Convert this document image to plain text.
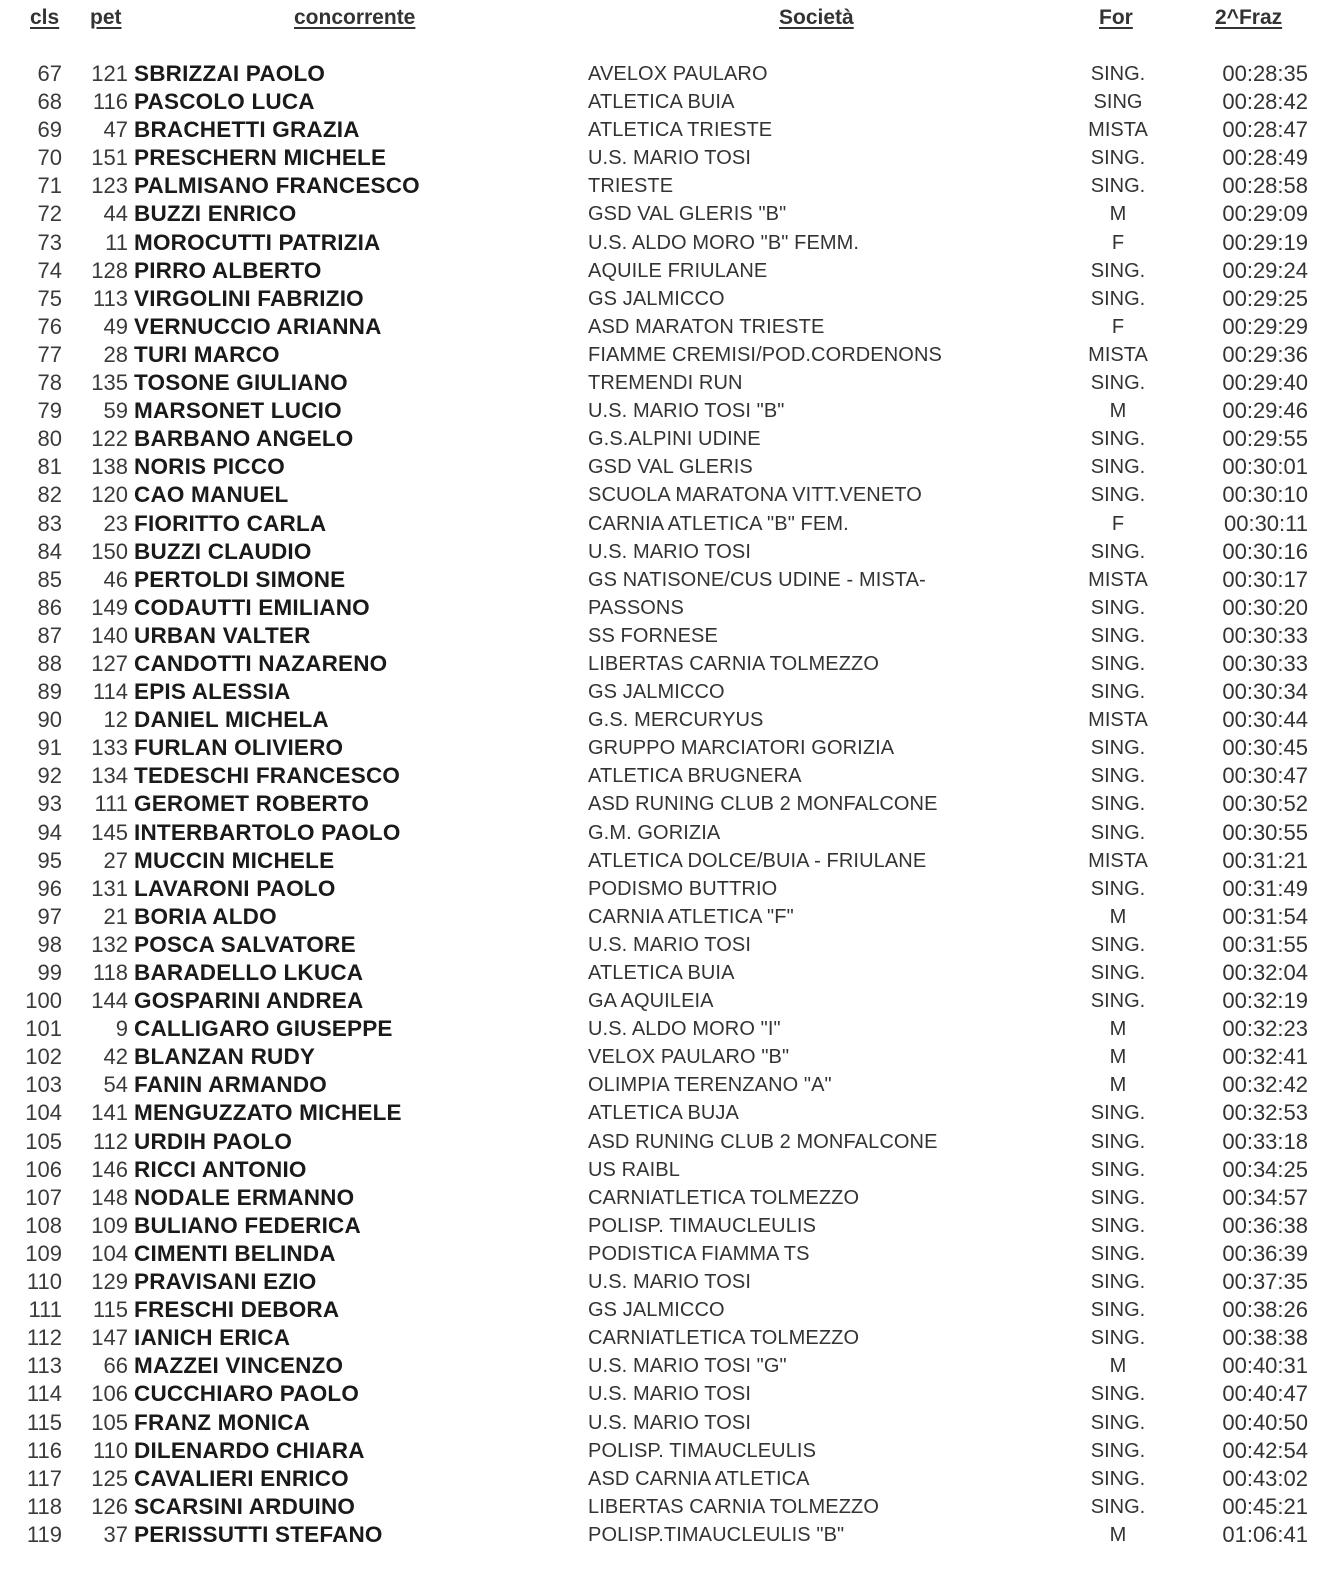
cls pet	concorrente	Società	For	2^Fraz
67	121 SBRIZZAI PAOLO	AVELOX PAULARO	SING.	00:28:35
68	116 PASCOLO LUCA	ATLETICA BUIA	SING	00:28:42
69	47 BRACHETTI GRAZIA	ATLETICA TRIESTE	MISTA	00:28:47
70	151 PRESCHERN MICHELE	U.S. MARIO TOSI	SING.	00:28:49
71	123 PALMISANO FRANCESCO	TRIESTE	SING.	00:28:58
72	44 BUZZI ENRICO	GSD VAL GLERIS "B"	M	00:29:09
73	11 MOROCUTTI PATRIZIA	U.S. ALDO MORO "B" FEMM.	F	00:29:19
74	128 PIRRO ALBERTO	AQUILE FRIULANE	SING.	00:29:24
75	113 VIRGOLINI FABRIZIO	GS JALMICCO	SING.	00:29:25
76	49 VERNUCCIO ARIANNA	ASD MARATON TRIESTE	F	00:29:29
77	28 TURI MARCO	FIAMME CREMISI/POD.CORDENONS	MISTA	00:29:36
78	135 TOSONE GIULIANO	TREMENDI RUN	SING.	00:29:40
79	59 MARSONET LUCIO	U.S. MARIO TOSI "B"	M	00:29:46
80	122 BARBANO ANGELO	G.S.ALPINI UDINE	SING.	00:29:55
81	138 NORIS PICCO	GSD VAL GLERIS	SING.	00:30:01
82	120 CAO MANUEL	SCUOLA MARATONA VITT.VENETO	SING.	00:30:10
83	23 FIORITTO CARLA	CARNIA ATLETICA "B" FEM.	F	00:30:11
84	150 BUZZI CLAUDIO	U.S. MARIO TOSI	SING.	00:30:16
85	46 PERTOLDI SIMONE	GS NATISONE/CUS UDINE - MISTA-	MISTA	00:30:17
86	149 CODAUTTI EMILIANO	PASSONS	SING.	00:30:20
87	140 URBAN VALTER	SS FORNESE	SING.	00:30:33
88	127 CANDOTTI NAZARENO	LIBERTAS CARNIA TOLMEZZO	SING.	00:30:33
89	114 EPIS ALESSIA	GS JALMICCO	SING.	00:30:34
90	12 DANIEL MICHELA	G.S. MERCURYUS	MISTA	00:30:44
91	133 FURLAN OLIVIERO	GRUPPO MARCIATORI GORIZIA	SING.	00:30:45
92	134 TEDESCHI FRANCESCO	ATLETICA BRUGNERA	SING.	00:30:47
93	111 GEROMET ROBERTO	ASD RUNING CLUB 2 MONFALCONE	SING.	00:30:52
94	145 INTERBARTOLO PAOLO	G.M. GORIZIA	SING.	00:30:55
95	27 MUCCIN MICHELE	ATLETICA DOLCE/BUIA - FRIULANE	MISTA	00:31:21
96	131 LAVARONI PAOLO	PODISMO BUTTRIO	SING.	00:31:49
97	21 BORIA ALDO	CARNIA ATLETICA "F"	M	00:31:54
98	132 POSCA SALVATORE	U.S. MARIO TOSI	SING.	00:31:55
99	118 BARADELLO LKUCA	ATLETICA BUIA	SING.	00:32:04
100	144 GOSPARINI ANDREA	GA AQUILEIA	SING.	00:32:19
101	9 CALLIGARO GIUSEPPE	U.S. ALDO MORO "I"	M	00:32:23
102	42 BLANZAN RUDY	VELOX PAULARO "B"	M	00:32:41
103	54 FANIN ARMANDO	OLIMPIA TERENZANO "A"	M	00:32:42
104	141 MENGUZZATO MICHELE	ATLETICA BUJA	SING.	00:32:53
105	112 URDIH PAOLO	ASD RUNING CLUB 2 MONFALCONE	SING.	00:33:18
106	146 RICCI ANTONIO	US RAIBL	SING.	00:34:25
107	148 NODALE ERMANNO	CARNIATLETICA TOLMEZZO	SING.	00:34:57
108	109 BULIANO FEDERICA	POLISP. TIMAUCLEULIS	SING.	00:36:38
109	104 CIMENTI BELINDA	PODISTICA FIAMMA TS	SING.	00:36:39
110	129 PRAVISANI EZIO	U.S. MARIO TOSI	SING.	00:37:35
111	115 FRESCHI DEBORA	GS JALMICCO	SING.	00:38:26
112	147 IANICH ERICA	CARNIATLETICA TOLMEZZO	SING.	00:38:38
113	66 MAZZEI VINCENZO	U.S. MARIO TOSI "G"	M	00:40:31
114	106 CUCCHIARO PAOLO	U.S. MARIO TOSI	SING.	00:40:47
115	105 FRANZ MONICA	U.S. MARIO TOSI	SING.	00:40:50
116	110 DILENARDO CHIARA	POLISP. TIMAUCLEULIS	SING.	00:42:54
117	125 CAVALIERI ENRICO	ASD CARNIA ATLETICA	SING.	00:43:02
118	126 SCARSINI ARDUINO	LIBERTAS CARNIA TOLMEZZO	SING.	00:45:21
119	37 PERISSUTTI STEFANO	POLISP.TIMAUCLEULIS "B"	M	01:06:41
